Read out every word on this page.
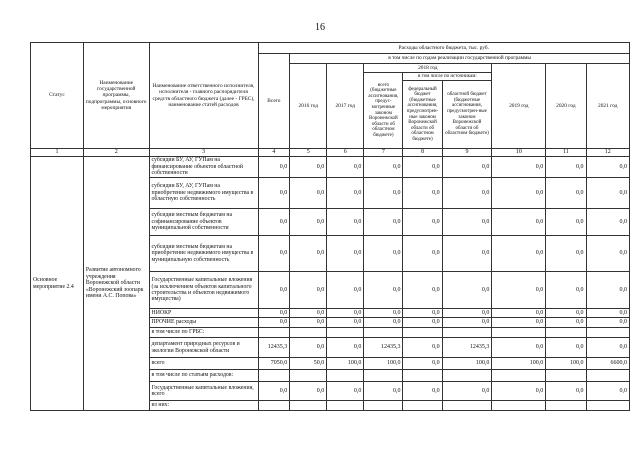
16
Статус	Наименование государственной программы, подпрограммы, основного мероприятия	Наименование ответственного исполнителя, исполнителя - главного распорядителя средств областного бюджета (далее - ГРБС), наименование статей расходов	Расходы областного бюджета, тыс. руб.								
			Всего	в том числе по годам реализации государственной программы							
				2016 год	2017 год	2018 год			2019 год	2020 год	2021 год
						всего (бюджетные ассигнования, предус-мотренные законом Воронежской области об областном бюджете)	в том числе по источникам:				
							федеральный бюджет (бюджетные ассигнования, предусмотрен-ные законом Воронежской области об областном бюджете)	областной бюджет (бюджетные ассигнования, предусмотрен-ные законом Воронежской области об областном бюджете)			
1	2	3	4	5	6	7	8	9	10	11	12
Основное мероприятие 2.4	Развитие автономного учреждения Воронежской области «Воронежский зоопарк имени А.С. Попова»	субсидии БУ, АУ, ГУПам на финансирование объектов областной собственности	0,0	0,0	0,0	0,0	0,0	0,0	0,0	0,0	0,0
		субсидии БУ, АУ, ГУПам на приобретение недвижимого имущества в областную собственность	0,0	0,0	0,0	0,0	0,0	0,0	0,0	0,0	0,0
		субсидии местным бюджетам на софинансирование объектов муниципальной собственности	0,0	0,0	0,0	0,0	0,0	0,0	0,0	0,0	0,0
		субсидии местным бюджетам на приобретение недвижимого имущества в муниципальную собственность	0,0	0,0	0,0	0,0	0,0	0,0	0,0	0,0	0,0
		Государственные капитальные вложения (за исключением объектов капитального строительства и объектов недвижимого имущества)	0,0	0,0	0,0	0,0	0,0	0,0	0,0	0,0	0,0
		НИОКР	0,0	0,0	0,0	0,0	0,0	0,0	0,0	0,0	0,0
		ПРОЧИЕ расходы	0,0	0,0	0,0	0,0	0,0	0,0	0,0	0,0	0,0
		в том числе по ГРБС:									
		департамент природных ресурсов и экологии Воронежской области	12435,3	0,0	0,0	12435,3	0,0	12435,3	0,0	0,0	0,0
		всего	7050,0	50,0	100,0	100,0	0,0	100,0	100,0	100,0	6600,0
		в том числе по статьям расходов:									
		Государственные капитальные вложения, всего	0,0	0,0	0,0	0,0	0,0	0,0	0,0	0,0	0,0
		из них:									
